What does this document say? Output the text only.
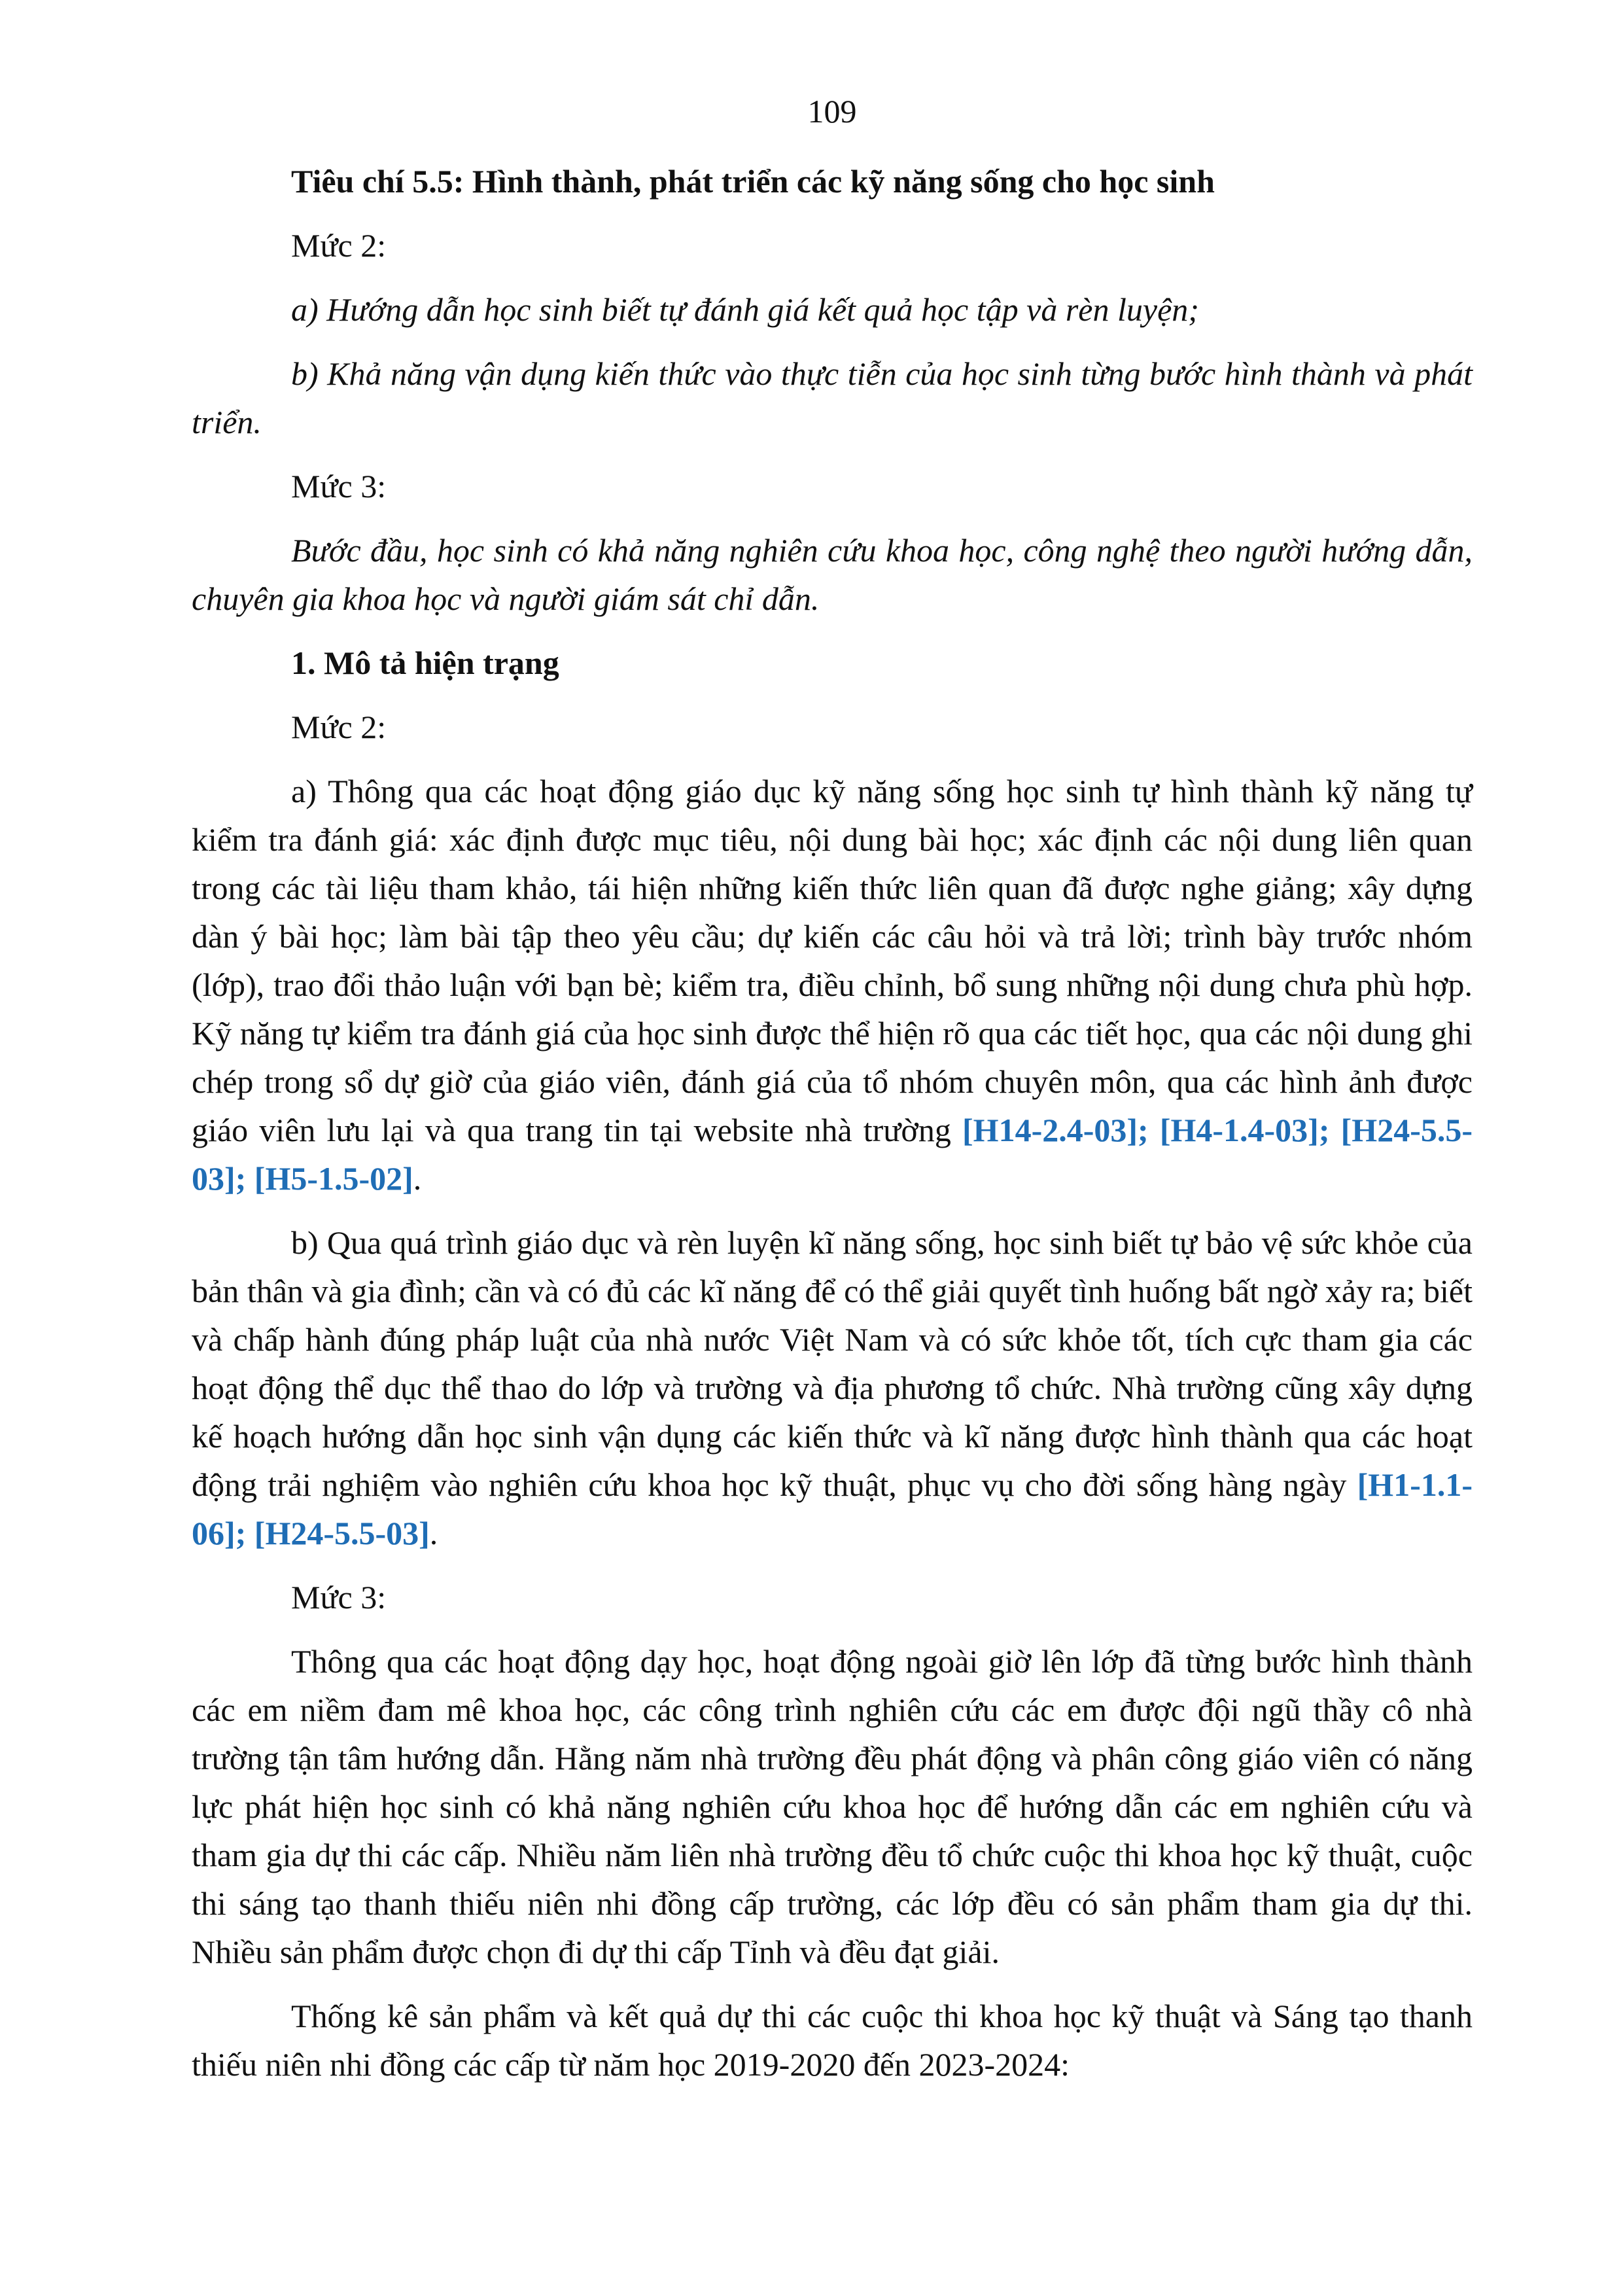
109

Tiêu chí 5.5: Hình thành, phát triển các kỹ năng sống cho học sinh

Mức 2:

a) Hướng dẫn học sinh biết tự đánh giá kết quả học tập và rèn luyện;

b) Khả năng vận dụng kiến thức vào thực tiễn của học sinh từng bước hình thành và phát triển.

Mức 3:

Bước đầu, học sinh có khả năng nghiên cứu khoa học, công nghệ theo người hướng dẫn, chuyên gia khoa học và người giám sát chỉ dẫn.

1. Mô tả hiện trạng

Mức 2:

a) Thông qua các hoạt động giáo dục kỹ năng sống học sinh tự hình thành kỹ năng tự kiểm tra đánh giá: xác định được mục tiêu, nội dung bài học; xác định các nội dung liên quan trong các tài liệu tham khảo, tái hiện những kiến thức liên quan đã được nghe giảng; xây dựng dàn ý bài học; làm bài tập theo yêu cầu; dự kiến các câu hỏi và trả lời; trình bày trước nhóm (lớp), trao đổi thảo luận với bạn bè; kiểm tra, điều chỉnh, bổ sung những nội dung chưa phù hợp. Kỹ năng tự kiểm tra đánh giá của học sinh được thể hiện rõ qua các tiết học, qua các nội dung ghi chép trong sổ dự giờ của giáo viên, đánh giá của tổ nhóm chuyên môn, qua các hình ảnh được giáo viên lưu lại và qua trang tin tại website nhà trường [H14-2.4-03]; [H4-1.4-03]; [H24-5.5-03]; [H5-1.5-02].

b) Qua quá trình giáo dục và rèn luyện kĩ năng sống, học sinh biết tự bảo vệ sức khỏe của bản thân và gia đình; cần và có đủ các kĩ năng để có thể giải quyết tình huống bất ngờ xảy ra; biết và chấp hành đúng pháp luật của nhà nước Việt Nam và có sức khỏe tốt, tích cực tham gia các hoạt động thể dục thể thao do lớp và trường và địa phương tổ chức. Nhà trường cũng xây dựng kế hoạch hướng dẫn học sinh vận dụng các kiến thức và kĩ năng được hình thành qua các hoạt động trải nghiệm vào nghiên cứu khoa học kỹ thuật, phục vụ cho đời sống hàng ngày [H1-1.1-06]; [H24-5.5-03].

Mức 3:

Thông qua các hoạt động dạy học, hoạt động ngoài giờ lên lớp đã từng bước hình thành các em niềm đam mê khoa học, các công trình nghiên cứu các em được đội ngũ thầy cô nhà trường tận tâm hướng dẫn. Hằng năm nhà trường đều phát động và phân công giáo viên có năng lực phát hiện học sinh có khả năng nghiên cứu khoa học để hướng dẫn các em nghiên cứu và tham gia dự thi các cấp. Nhiều năm liên nhà trường đều tổ chức cuộc thi khoa học kỹ thuật, cuộc thi sáng tạo thanh thiếu niên nhi đồng cấp trường, các lớp đều có sản phẩm tham gia dự thi. Nhiều sản phẩm được chọn đi dự thi cấp Tỉnh và đều đạt giải.

Thống kê sản phẩm và kết quả dự thi các cuộc thi khoa học kỹ thuật và Sáng tạo thanh thiếu niên nhi đồng các cấp từ năm học 2019-2020 đến 2023-2024:
